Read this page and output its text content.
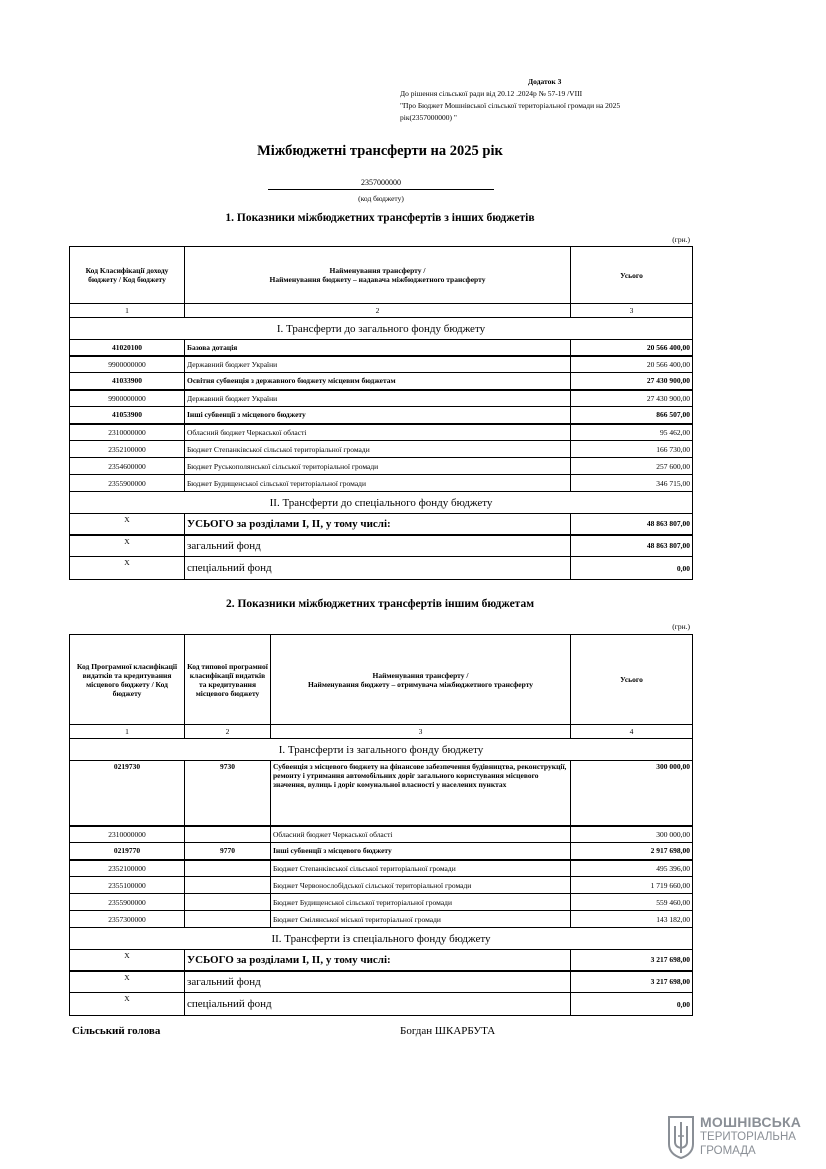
Додаток 3
До рішення сільської ради від 20.12 .2024р № 57-19 /VIII
"Про Бюджет Мошнівської сільської територіальної громади на 2025
рік(2357000000) "
Міжбюджетні трансферти на 2025 рік
2357000000
(код бюджету)
1. Показники міжбюджетних трансфертів з інших бюджетів
(грн.)
Код Класифікації доходу бюджету / Код бюджету	Найменування трансферту /
Найменування бюджету – надавача міжбюджетного трансферту	Усього
1	2	3
I. Трансферти до загального фонду бюджету		
41020100	Базова дотація	20 566 400,00
9900000000	Державний бюджет України	20 566 400,00
41033900	Освітня субвенція з державного бюджету місцевим бюджетам	27 430 900,00
9900000000	Державний бюджет України	27 430 900,00
41053900	Інші субвенції з місцевого бюджету	866 507,00
2310000000	Обласний бюджет Черкаської області	95 462,00
2352100000	Бюджет Степанківської сільської територіальної громади	166 730,00
2354600000	Бюджет Руськополянської сільської територіальної громади	257 600,00
2355900000	Бюджет Будищенської сільської територіальної громади	346 715,00
II. Трансферти до спеціального фонду бюджету		
X	УСЬОГО за розділами I, II, у тому числі:	48 863 807,00
X	загальний фонд	48 863 807,00
X	спеціальний фонд	0,00
2. Показники міжбюджетних трансфертів іншим бюджетам
(грн.)
Код Програмної класифікації видатків та кредитування місцевого бюджету / Код бюджету	Код типової програмної класифікації видатків та кредитування місцевого бюджету	Найменування трансферту /
Найменування бюджету – отримувача міжбюджетного трансферту	Усього
1	2	3	4
I. Трансферти із загального фонду бюджету			
0219730	9730	Субвенція з місцевого бюджету на фінансове забезпечення будівництва, реконструкції, ремонту і утримання автомобільних доріг загального користування місцевого значення, вулиць і доріг комунальної власності у населених пунктах	300 000,00
2310000000		Обласний бюджет Черкаської області	300 000,00
0219770	9770	Інші субвенції з місцевого бюджету	2 917 698,00
2352100000		Бюджет Степанківської сільської територіальної громади	495 396,00
2355100000		Бюджет Червонослобідської сільської територіальної громади	1 719 660,00
2355900000		Бюджет Будищенської сільської територіальної громади	559 460,00
2357300000		Бюджет Смілянської міської територіальної громади	143 182,00
II. Трансферти із спеціального фонду бюджету			
X	УСЬОГО за розділами I, II, у тому числі:		3 217 698,00
X	загальний фонд		3 217 698,00
X	спеціальний фонд		0,00
Сільський голова	Богдан ШКАРБУТА
МОШНІВСЬКА
ТЕРИТОРІАЛЬНА
ГРОМАДА
